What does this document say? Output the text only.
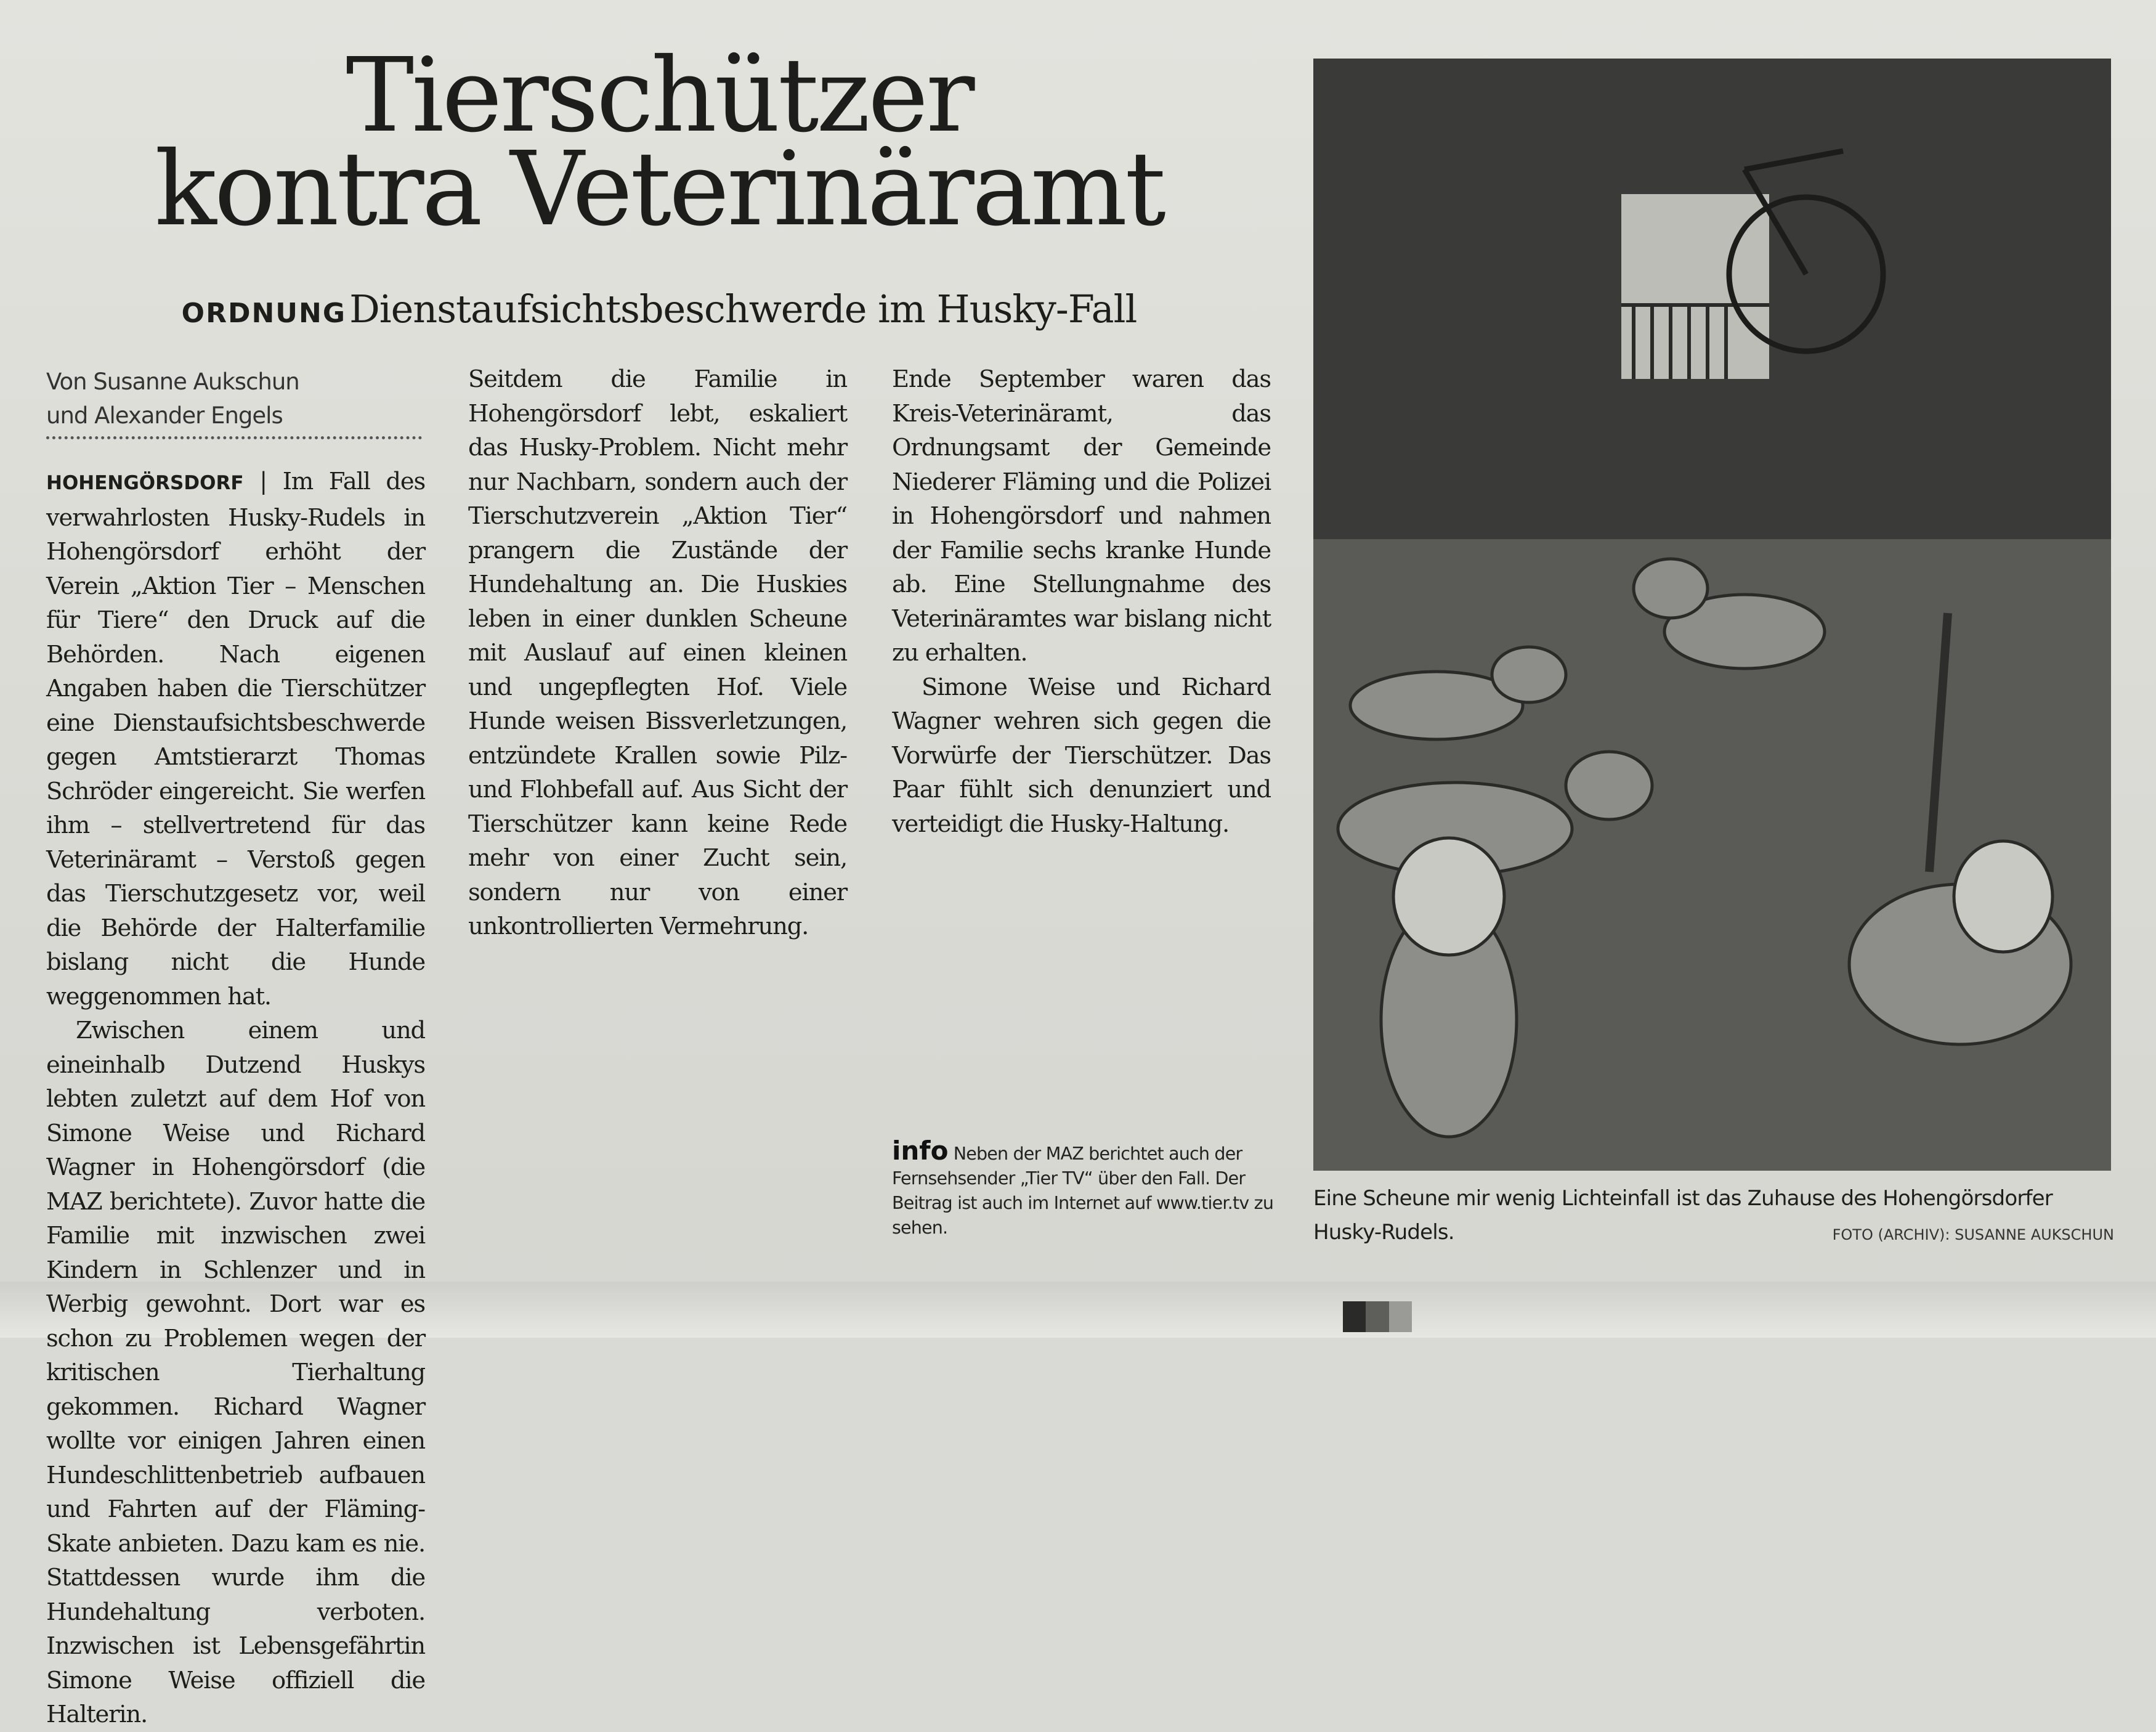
Tierschützer
kontra Veterinäramt
ORDNUNG Dienstaufsichtsbeschwerde im Husky-Fall
Von Susanne Aukschun
und Alexander Engels

HOHENGÖRSDORF | Im Fall des verwahrlosten Husky-Rudels in Hohengörsdorf erhöht der Verein „Aktion Tier – Menschen für Tiere“ den Druck auf die Behörden. Nach eigenen Angaben haben die Tierschützer eine Dienstaufsichtsbeschwerde gegen Amtstierarzt Thomas Schröder eingereicht. Sie werfen ihm – stellvertretend für das Veterinäramt – Verstoß gegen das Tierschutzgesetz vor, weil die Behörde der Halterfamilie bislang nicht die Hunde weggenommen hat.

Zwischen einem und eineinhalb Dutzend Huskys lebten zuletzt auf dem Hof von Simone Weise und Richard Wagner in Hohengörsdorf (die MAZ berichtete). Zuvor hatte die Familie mit inzwischen zwei Kindern in Schlenzer und in Werbig gewohnt. Dort war es schon zu Problemen wegen der kritischen Tierhaltung gekommen. Richard Wagner wollte vor einigen Jahren einen Hundeschlittenbetrieb aufbauen und Fahrten auf der Fläming-Skate anbieten. Dazu kam es nie. Stattdessen wurde ihm die Hundehaltung verboten. Inzwischen ist Lebensgefährtin Simone Weise offiziell die Halterin.

Seitdem die Familie in Hohengörsdorf lebt, eskaliert das Husky-Problem. Nicht mehr nur Nachbarn, sondern auch der Tierschutzverein „Aktion Tier“ prangern die Zustände der Hundehaltung an. Die Huskies leben in einer dunklen Scheune mit Auslauf auf einen kleinen und ungepflegten Hof. Viele Hunde weisen Bissverletzungen, entzündete Krallen sowie Pilz- und Flohbefall auf. Aus Sicht der Tierschützer kann keine Rede mehr von einer Zucht sein, sondern nur von einer unkontrollierten Vermehrung.

Ende September waren das Kreis-Veterinäramt, das Ordnungsamt der Gemeinde Niederer Fläming und die Polizei in Hohengörsdorf und nahmen der Familie sechs kranke Hunde ab. Eine Stellungnahme des Veterinäramtes war bislang nicht zu erhalten.

Simone Weise und Richard Wagner wehren sich gegen die Vorwürfe der Tierschützer. Das Paar fühlt sich denunziert und verteidigt die Husky-Haltung.

info Neben der MAZ berichtet auch der Fernsehsender „Tier TV“ über den Fall. Der Beitrag ist auch im Internet auf www.tier.tv zu sehen.
Eine Scheune mir wenig Lichteinfall ist das Zuhause des Hohengörsdorfer Husky-Rudels.	FOTO (ARCHIV): SUSANNE AUKSCHUN
